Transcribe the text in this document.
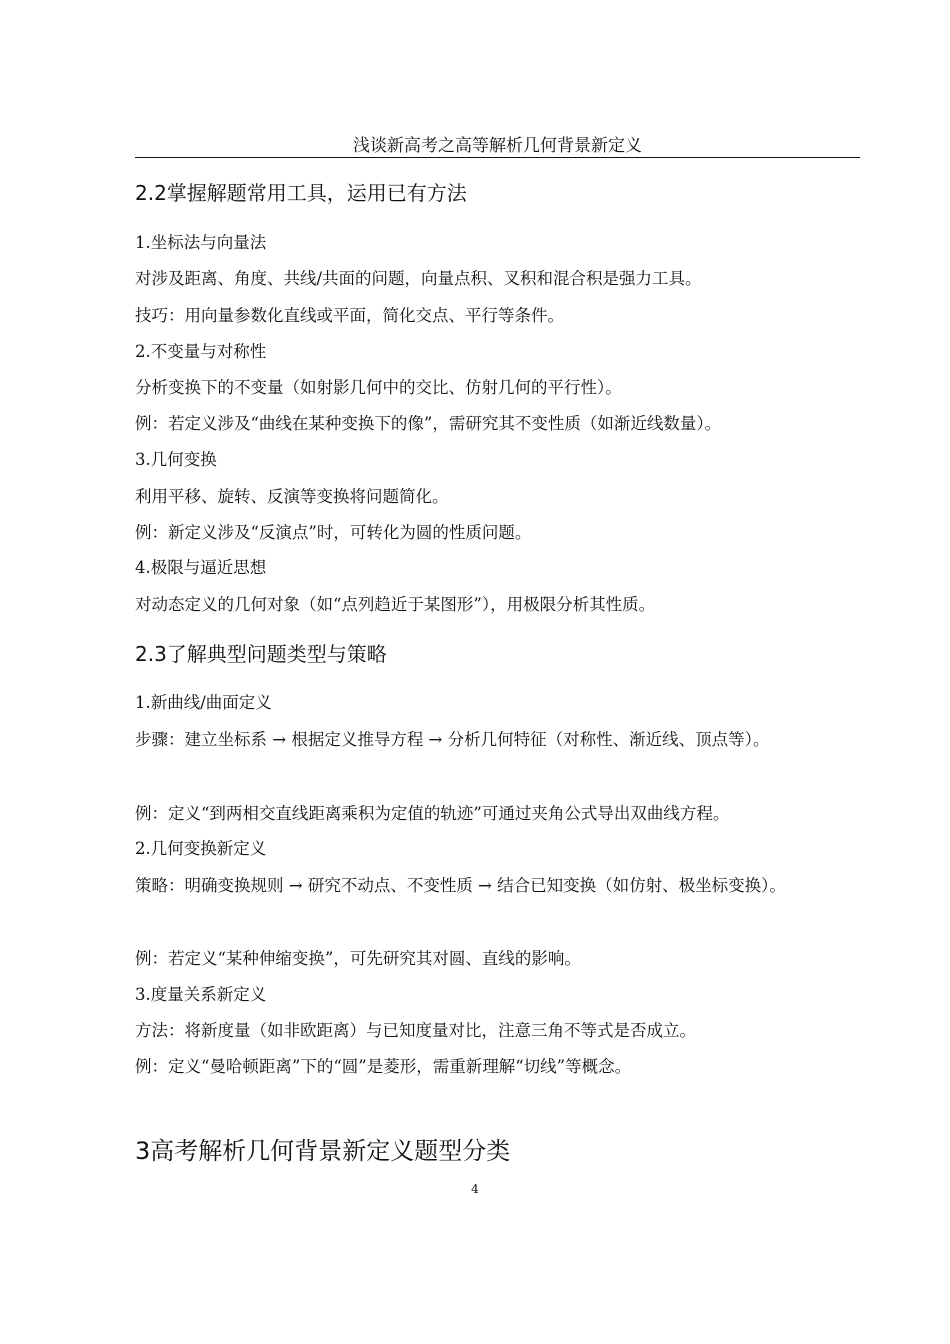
浅谈新高考之高等解析几何背景新定义
2.2掌握解题常用工具，运用已有方法
1.坐标法与向量法
对涉及距离、角度、共线/共面的问题，向量点积、叉积和混合积是强力工具。
技巧：用向量参数化直线或平面，简化交点、平行等条件。
2.不变量与对称性
分析变换下的不变量（如射影几何中的交比、仿射几何的平行性）。
例：若定义涉及“曲线在某种变换下的像”，需研究其不变性质（如渐近线数量）。
3.几何变换
利用平移、旋转、反演等变换将问题简化。
例：新定义涉及“反演点”时，可转化为圆的性质问题。
4.极限与逼近思想
对动态定义的几何对象（如“点列趋近于某图形”），用极限分析其性质。
2.3了解典型问题类型与策略
1.新曲线/曲面定义
步骤：建立坐标系 → 根据定义推导方程 → 分析几何特征（对称性、渐近线、顶点等）。
例：定义“到两相交直线距离乘积为定值的轨迹”可通过夹角公式导出双曲线方程。
2.几何变换新定义
策略：明确变换规则 → 研究不动点、不变性质 → 结合已知变换（如仿射、极坐标变换）。
例：若定义“某种伸缩变换”，可先研究其对圆、直线的影响。
3.度量关系新定义
方法：将新度量（如非欧距离）与已知度量对比，注意三角不等式是否成立。
例：定义“曼哈顿距离”下的“圆”是菱形，需重新理解“切线”等概念。
3高考解析几何背景新定义题型分类
4
